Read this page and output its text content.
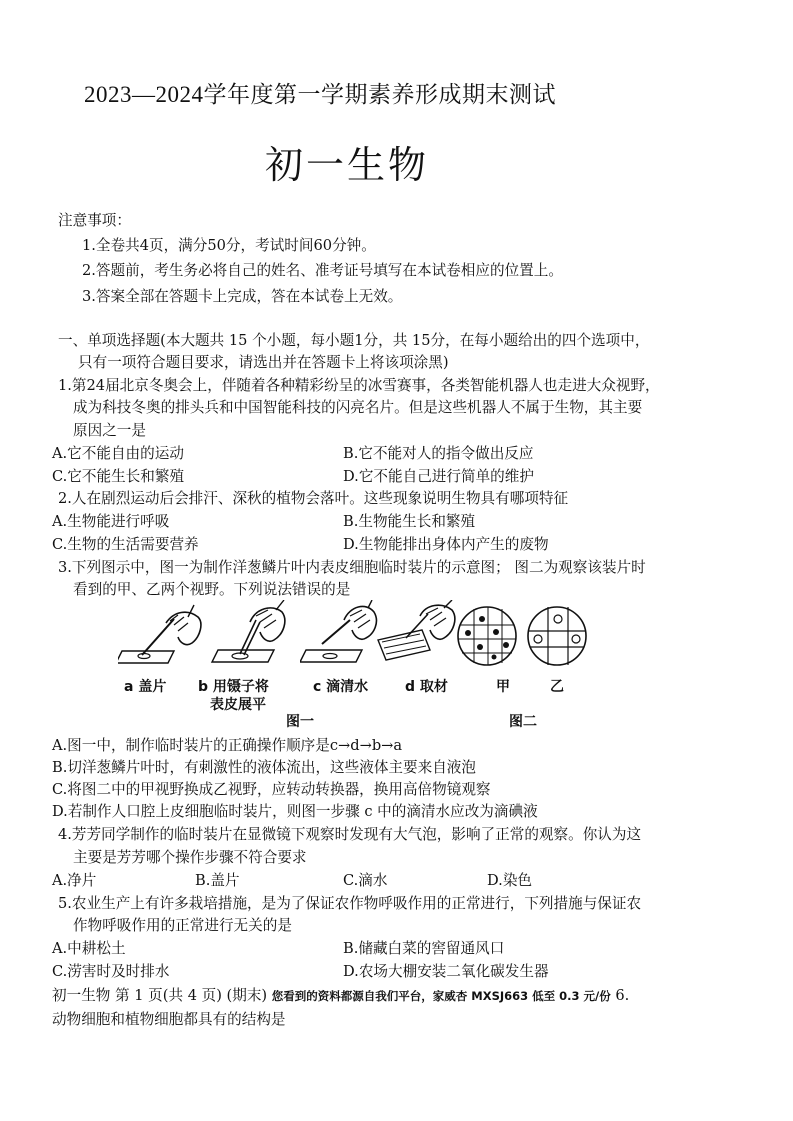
2023—2024学年度第一学期素养形成期末测试
初一生物
注意事项：
1.全卷共4页，满分50分，考试时间60分钟。
2.答题前，考生务必将自己的姓名、准考证号填写在本试卷相应的位置上。
3.答案全部在答题卡上完成，答在本试卷上无效。
一、单项选择题(本大题共 15 个小题，每小题1分，共 15分，在每小题给出的四个选项中，
只有一项符合题目要求，请选出并在答题卡上将该项涂黑)
1.第24届北京冬奥会上，伴随着各种精彩纷呈的冰雪赛事，各类智能机器人也走进大众视野，
成为科技冬奥的排头兵和中国智能科技的闪亮名片。但是这些机器人不属于生物，其主要
原因之一是
A.它不能自由的运动	B.它不能对人的指令做出反应
C.它不能生长和繁殖	D.它不能自己进行简单的维护
2.人在剧烈运动后会排汗、深秋的植物会落叶。这些现象说明生物具有哪项特征
A.生物能进行呼吸	B.生物能生长和繁殖
C.生物的生活需要营养	D.生物能排出身体内产生的废物
3.下列图示中，图一为制作洋葱鳞片叶内表皮细胞临时装片的示意图； 图二为观察该装片时
看到的甲、乙两个视野。下列说法错误的是
a 盖片 b 用镊子将
表皮展平
c 滴清水	d 取材	甲	乙
图一	图二
A.图一中，制作临时装片的正确操作顺序是c→d→b→a
B.切洋葱鳞片叶时，有刺激性的液体流出，这些液体主要来自液泡
C.将图二中的甲视野换成乙视野，应转动转换器，换用高倍物镜观察
D.若制作人口腔上皮细胞临时装片，则图一步骤 c 中的滴清水应改为滴碘液
4.芳芳同学制作的临时装片在显微镜下观察时发现有大气泡，影响了正常的观察。你认为这
主要是芳芳哪个操作步骤不符合要求
A.净片	B.盖片	C.滴水	D.染色
5.农业生产上有许多栽培措施，是为了保证农作物呼吸作用的正常进行，下列措施与保证农
作物呼吸作用的正常进行无关的是
A.中耕松土	B.储藏白菜的窖留通风口
C.涝害时及时排水	D.农场大棚安装二氧化碳发生器
初一生物 第 1 页(共 4 页) (期末) 您看到的资料都源自我们平台，家威杏 MXSJ663 低至 0.3 元/份 6.
动物细胞和植物细胞都具有的结构是
